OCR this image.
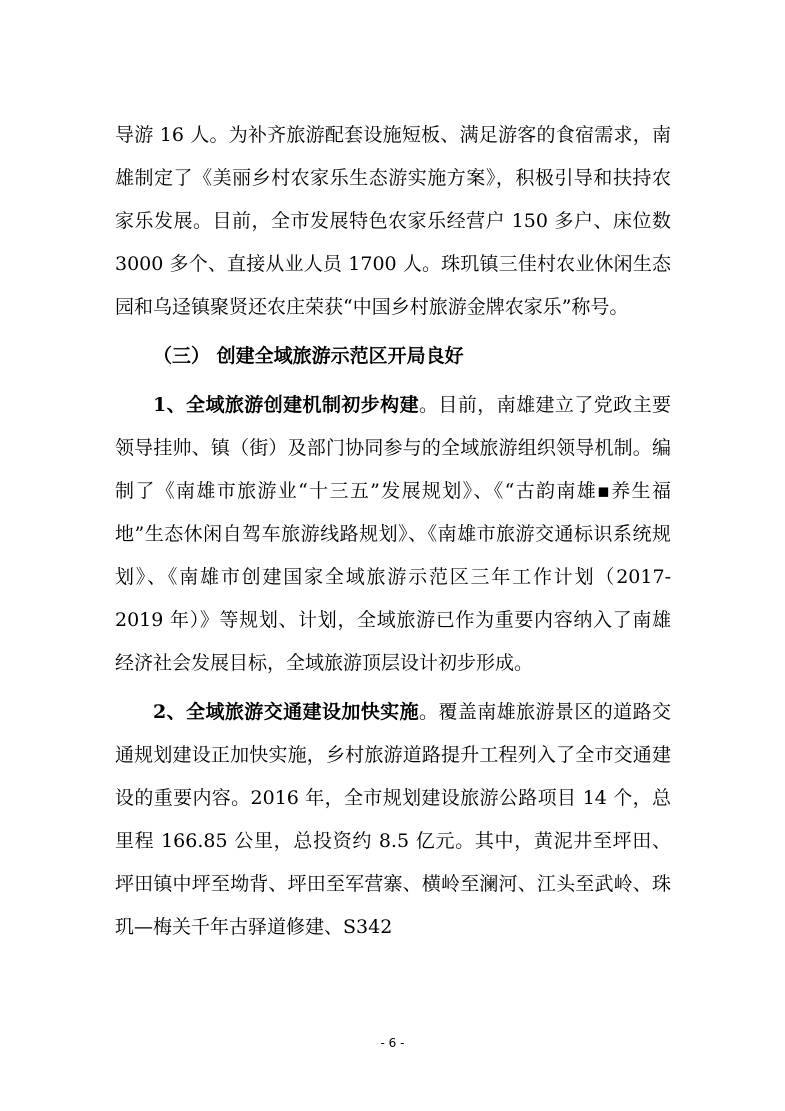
导游 16 人。为补齐旅游配套设施短板、满足游客的食宿需求，南雄制定了《美丽乡村农家乐生态游实施方案》，积极引导和扶持农家乐发展。目前，全市发展特色农家乐经营户 150 多户、床位数 3000 多个、直接从业人员 1700 人。珠玑镇三佳村农业休闲生态园和乌迳镇聚贤还农庄荣获“中国乡村旅游金牌农家乐”称号。

（三） 创建全域旅游示范区开局良好

1、全域旅游创建机制初步构建。目前，南雄建立了党政主要领导挂帅、镇（街）及部门协同参与的全域旅游组织领导机制。编制了《南雄市旅游业“十三五”发展规划》、《“古韵南雄▪养生福地”生态休闲自驾车旅游线路规划》、《南雄市旅游交通标识系统规划》、《南雄市创建国家全域旅游示范区三年工作计划（2017-2019 年）》等规划、计划，全域旅游已作为重要内容纳入了南雄经济社会发展目标，全域旅游顶层设计初步形成。

2、全域旅游交通建设加快实施。覆盖南雄旅游景区的道路交通规划建设正加快实施，乡村旅游道路提升工程列入了全市交通建设的重要内容。2016 年，全市规划建设旅游公路项目 14 个，总里程 166.85 公里，总投资约 8.5 亿元。其中，黄泥井至坪田、坪田镇中坪至坳背、坪田至军营寨、横岭至澜河、江头至武岭、珠玑—梅关千年古驿道修建、S342

- 6 -
